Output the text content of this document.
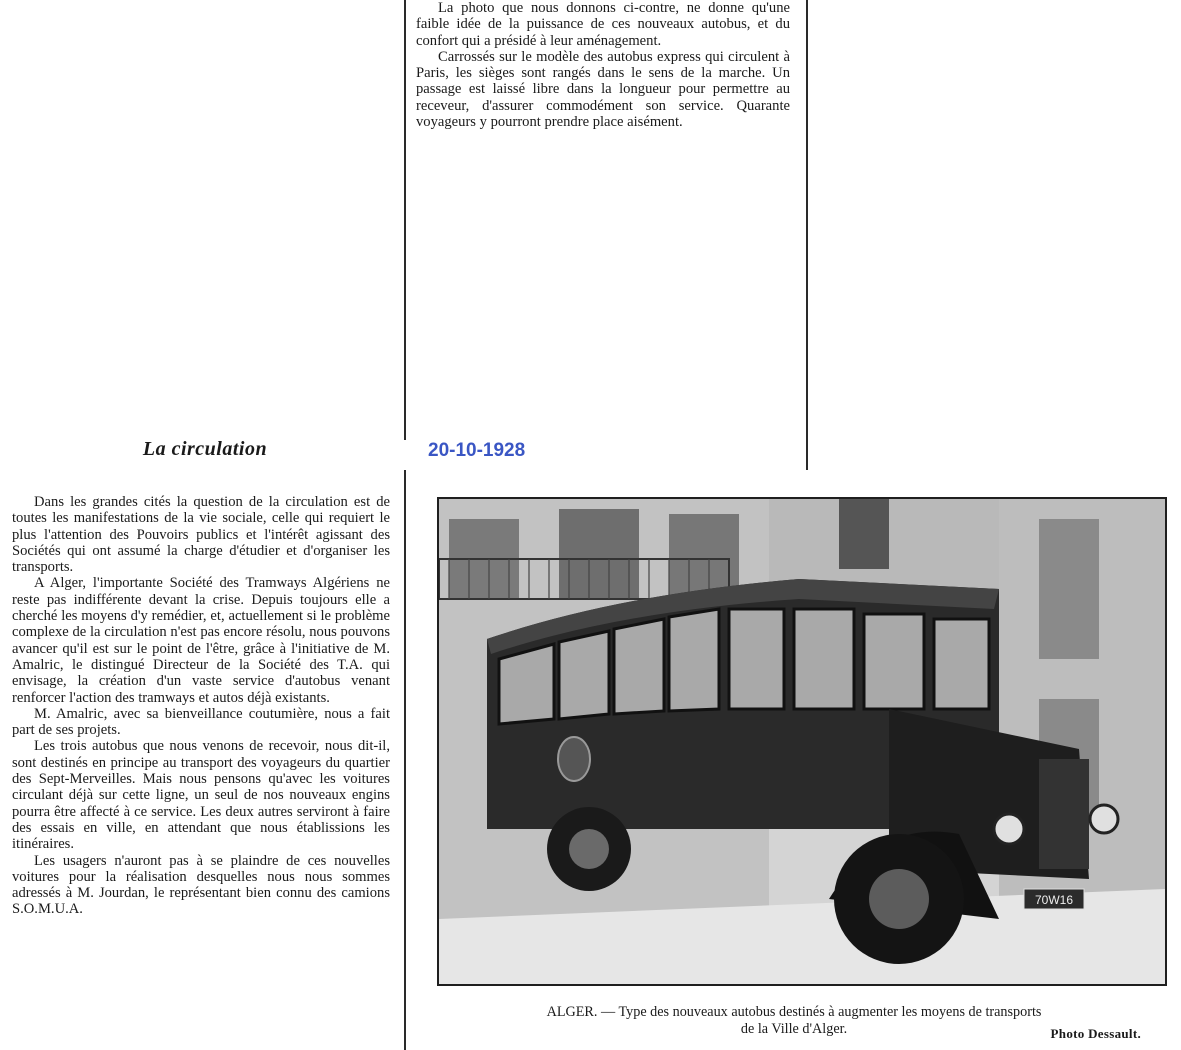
La photo que nous donnons ci-contre, ne donne qu'une faible idée de la puissance de ces nouveaux autobus, et du confort qui a présidé à leur aménagement.

Carrossés sur le modèle des autobus express qui circulent à Paris, les sièges sont rangés dans le sens de la marche. Un passage est laissé libre dans la longueur pour permettre au receveur, d'assurer commodément son service. Quarante voyageurs y pourront prendre place aisément.

La circulation	20-10-1928

Dans les grandes cités la question de la circulation est de toutes les manifestations de la vie sociale, celle qui requiert le plus l'attention des Pouvoirs publics et l'intérêt agissant des Sociétés qui ont assumé la charge d'étudier et d'organiser les transports.

A Alger, l'importante Société des Tramways Algériens ne reste pas indifférente devant la crise. Depuis toujours elle a cherché les moyens d'y remédier, et, actuellement si le problème complexe de la circulation n'est pas encore résolu, nous pouvons avancer qu'il est sur le point de l'être, grâce à l'initiative de M. Amalric, le distingué Directeur de la Société des T.A. qui envisage, la création d'un vaste service d'autobus venant renforcer l'action des tramways et autos déjà existants.

M. Amalric, avec sa bienveillance coutumière, nous a fait part de ses projets.

Les trois autobus que nous venons de recevoir, nous dit-il, sont destinés en principe au transport des voyageurs du quartier des Sept-Merveilles. Mais nous pensons qu'avec les voitures circulant déjà sur cette ligne, un seul de nos nouveaux engins pourra être affecté à ce service. Les deux autres serviront à faire des essais en ville, en attendant que nous établissions les itinéraires.

Les usagers n'auront pas à se plaindre de ces nouvelles voitures pour la réalisation desquelles nous nous sommes adressés à M. Jourdan, le représentant bien connu des camions S.O.M.U.A.

70W16
ALGER. — Type des nouveaux autobus destinés à augmenter les moyens de transports
de la Ville d'Alger.	Photo Dessault.
